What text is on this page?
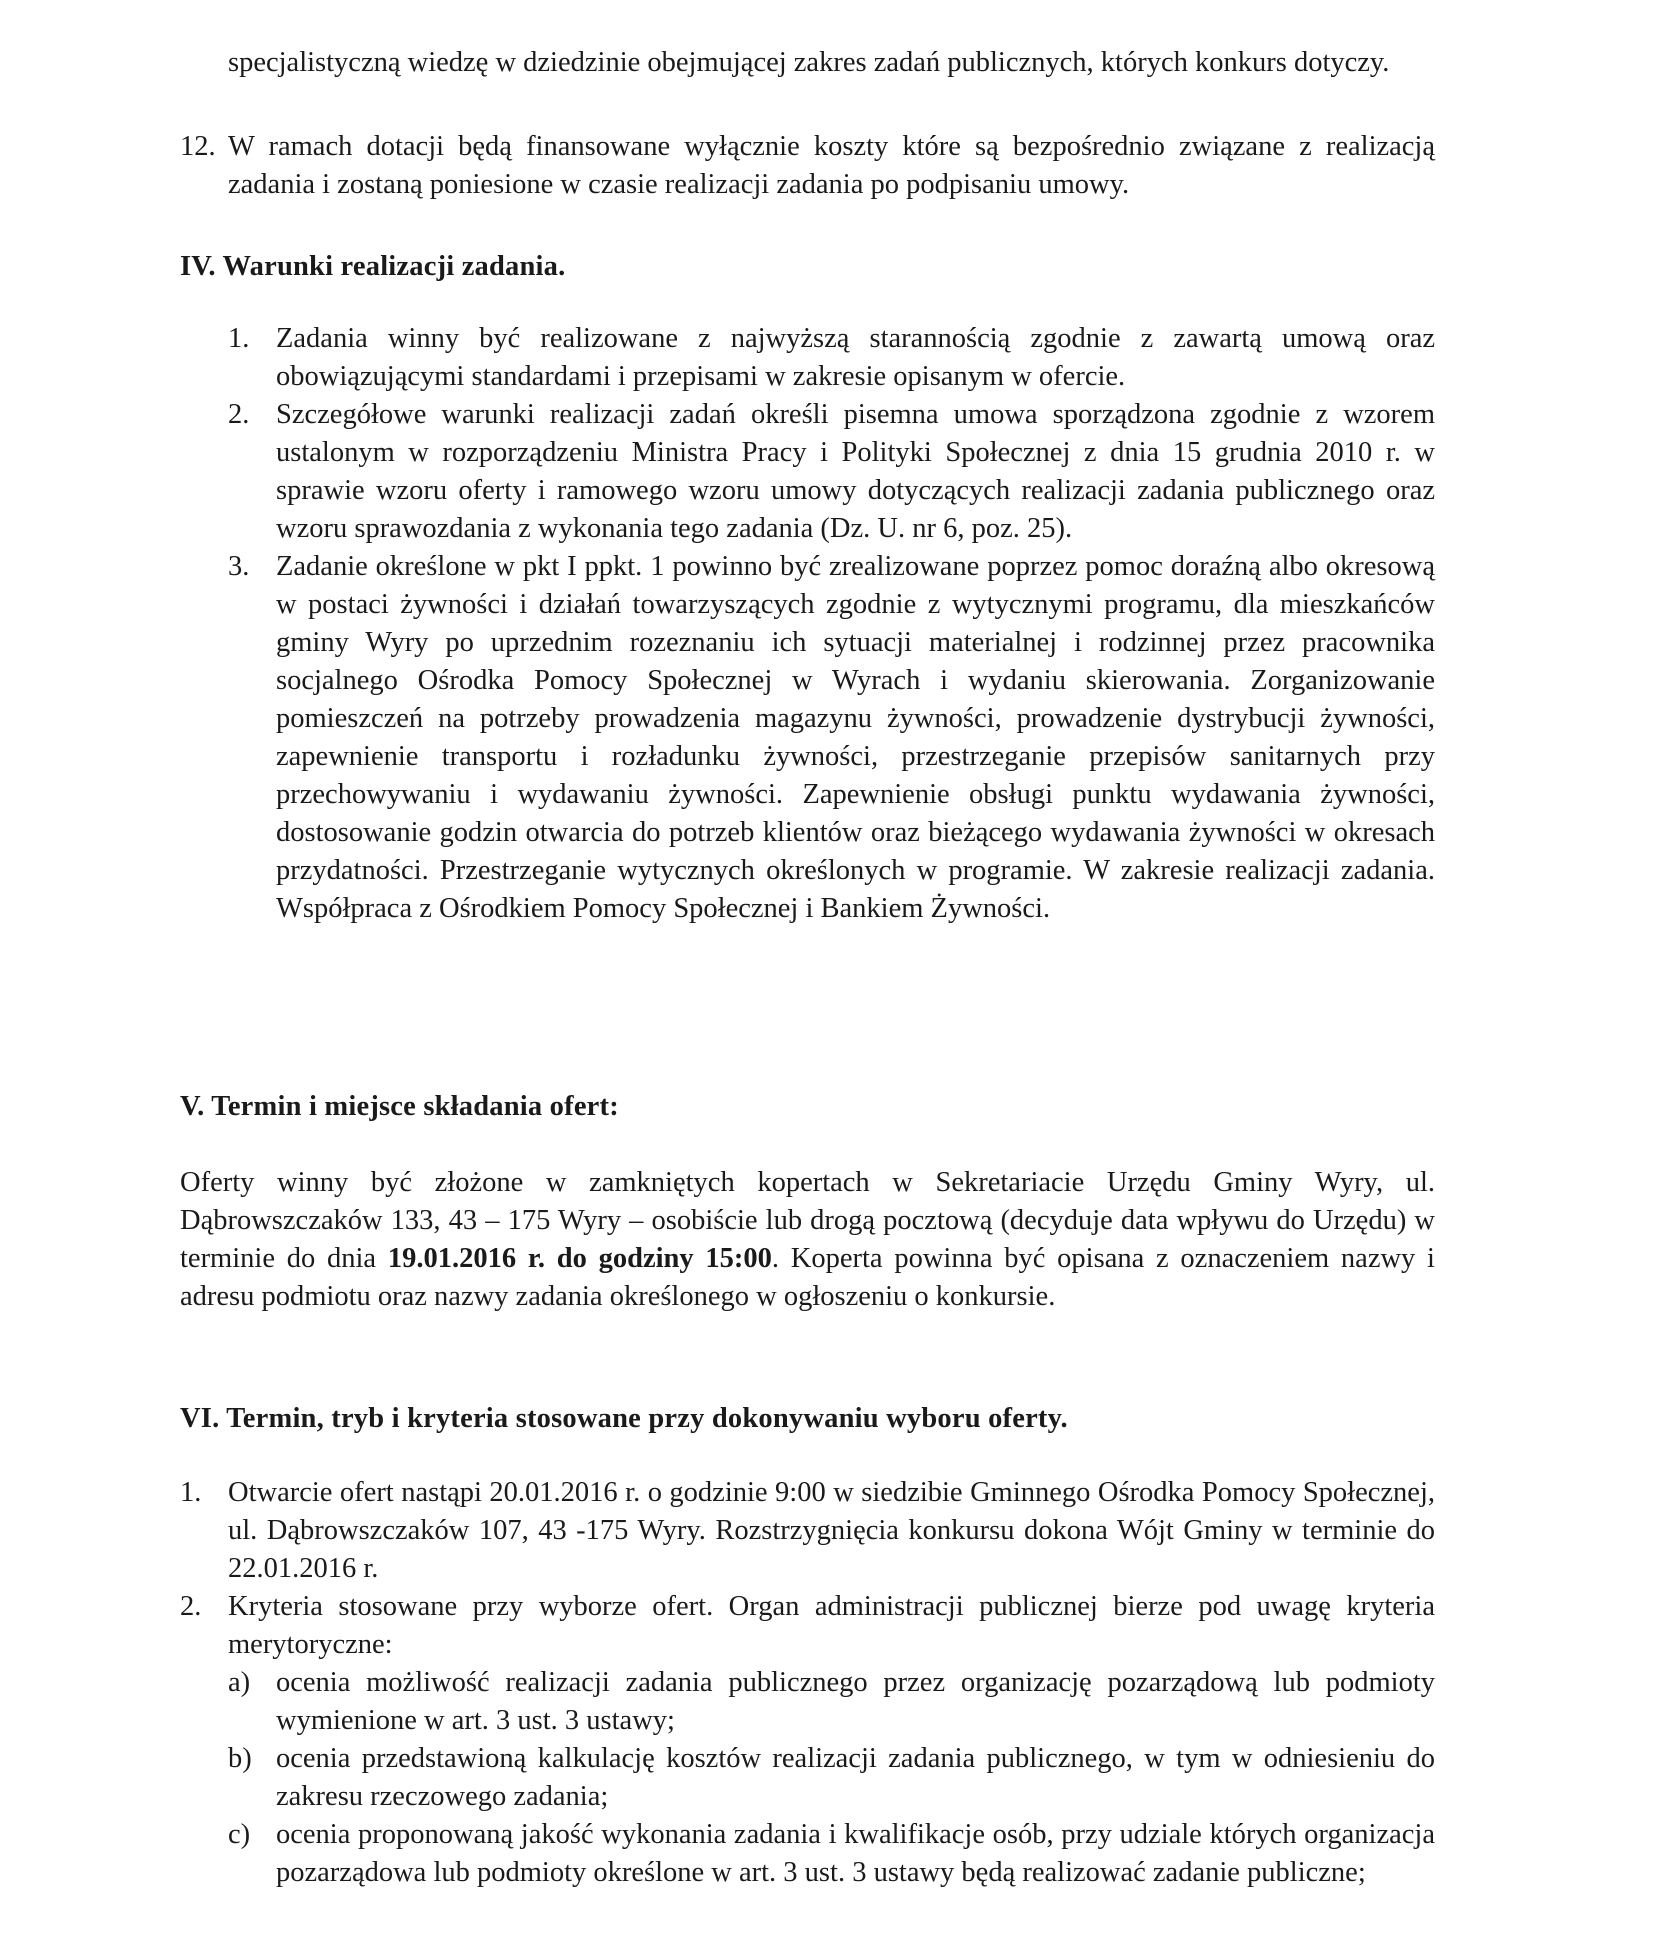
specjalistyczną wiedzę w dziedzinie obejmującej zakres zadań publicznych, których konkurs dotyczy.
12. W ramach dotacji będą finansowane wyłącznie koszty które są bezpośrednio związane z realizacją zadania i zostaną poniesione w czasie realizacji zadania po podpisaniu umowy.
IV. Warunki realizacji zadania.
1. Zadania winny być realizowane z najwyższą starannością zgodnie z zawartą umową oraz obowiązującymi standardami i przepisami w zakresie opisanym w ofercie.
2. Szczegółowe warunki realizacji zadań określi pisemna umowa sporządzona zgodnie z wzorem ustalonym w rozporządzeniu Ministra Pracy i Polityki Społecznej z dnia 15 grudnia 2010 r. w sprawie wzoru oferty i ramowego wzoru umowy dotyczących realizacji zadania publicznego oraz wzoru sprawozdania z wykonania tego zadania (Dz. U. nr 6, poz. 25).
3. Zadanie określone w pkt I ppkt. 1 powinno być zrealizowane poprzez pomoc doraźną albo okresową w postaci żywności i działań towarzyszących zgodnie z wytycznymi programu, dla mieszkańców gminy Wyry po uprzednim rozeznaniu ich sytuacji materialnej i rodzinnej przez pracownika socjalnego Ośrodka Pomocy Społecznej w Wyrach i wydaniu skierowania. Zorganizowanie pomieszczeń na potrzeby prowadzenia magazynu żywności, prowadzenie dystrybucji żywności, zapewnienie transportu i rozładunku żywności, przestrzeganie przepisów sanitarnych przy przechowywaniu i wydawaniu żywności. Zapewnienie obsługi punktu wydawania żywności, dostosowanie godzin otwarcia do potrzeb klientów oraz bieżącego wydawania żywności w okresach przydatności. Przestrzeganie wytycznych określonych w programie. W zakresie realizacji zadania. Współpraca z Ośrodkiem Pomocy Społecznej i Bankiem Żywności.
V. Termin i miejsce składania ofert:
Oferty winny być złożone w zamkniętych kopertach w Sekretariacie Urzędu Gminy Wyry, ul. Dąbrowszczaków 133, 43 – 175 Wyry – osobiście lub drogą pocztową (decyduje data wpływu do Urzędu) w terminie do dnia 19.01.2016 r. do godziny 15:00. Koperta powinna być opisana z oznaczeniem nazwy i adresu podmiotu oraz nazwy zadania określonego w ogłoszeniu o konkursie.
VI. Termin, tryb i kryteria stosowane przy dokonywaniu wyboru oferty.
1. Otwarcie ofert nastąpi 20.01.2016 r. o godzinie 9:00 w siedzibie Gminnego Ośrodka Pomocy Społecznej, ul. Dąbrowszczaków 107, 43 -175 Wyry. Rozstrzygnięcia konkursu dokona Wójt Gminy w terminie do 22.01.2016 r.
2. Kryteria stosowane przy wyborze ofert. Organ administracji publicznej bierze pod uwagę kryteria merytoryczne:
a) ocenia możliwość realizacji zadania publicznego przez organizację pozarządową lub podmioty wymienione w art. 3 ust. 3 ustawy;
b) ocenia przedstawioną kalkulację kosztów realizacji zadania publicznego, w tym w odniesieniu do zakresu rzeczowego zadania;
c) ocenia proponowaną jakość wykonania zadania i kwalifikacje osób, przy udziale których organizacja pozarządowa lub podmioty określone w art. 3 ust. 3 ustawy będą realizować zadanie publiczne;
